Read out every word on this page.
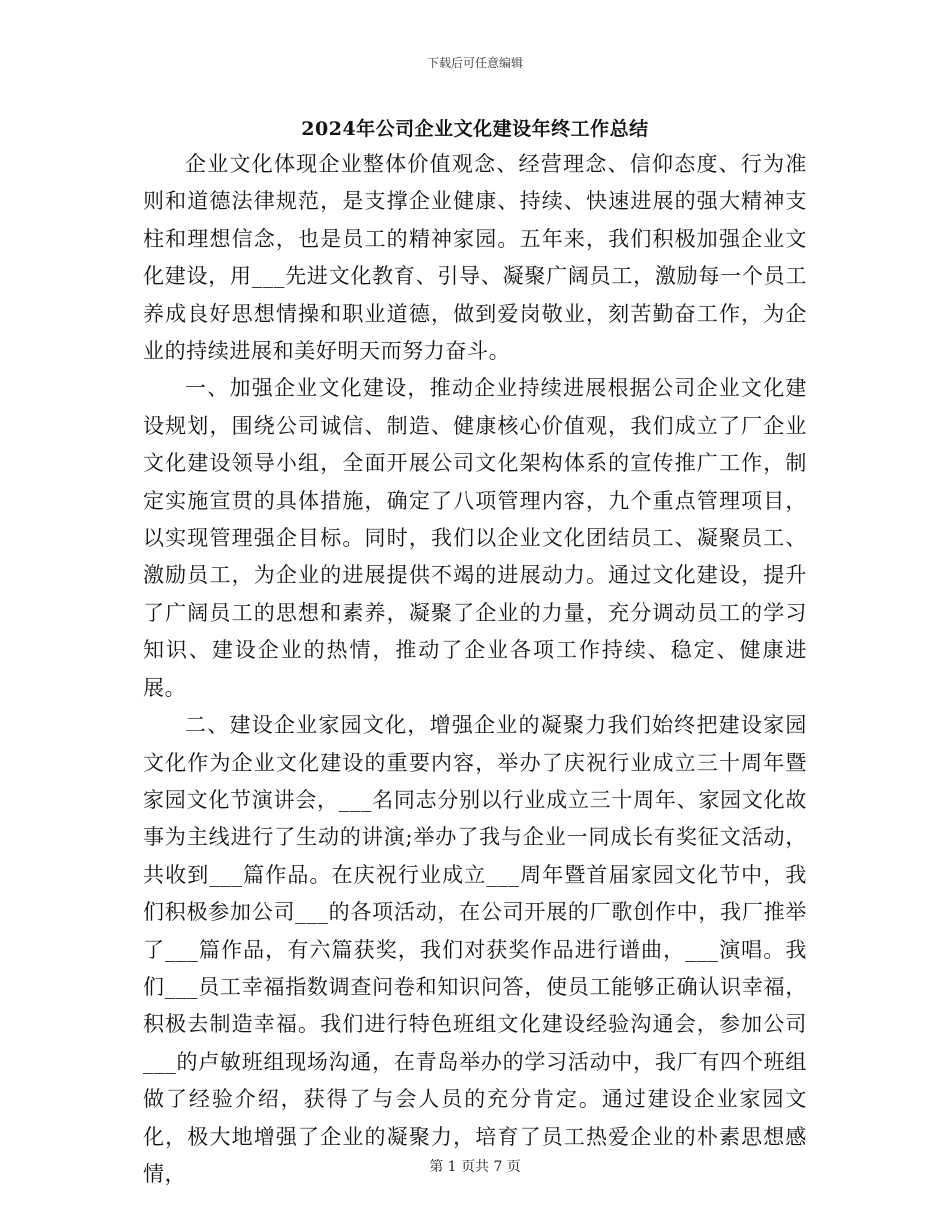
下载后可任意编辑
2024年公司企业文化建设年终工作总结

企业文化体现企业整体价值观念、经营理念、信仰态度、行为准则和道德法律规范，是支撑企业健康、持续、快速进展的强大精神支柱和理想信念，也是员工的精神家园。五年来，我们积极加强企业文化建设，用___先进文化教育、引导、凝聚广阔员工，激励每一个员工养成良好思想情操和职业道德，做到爱岗敬业，刻苦勤奋工作，为企业的持续进展和美好明天而努力奋斗。

一、加强企业文化建设，推动企业持续进展根据公司企业文化建设规划，围绕公司诚信、制造、健康核心价值观，我们成立了厂企业文化建设领导小组，全面开展公司文化架构体系的宣传推广工作，制定实施宣贯的具体措施，确定了八项管理内容，九个重点管理项目，以实现管理强企目标。同时，我们以企业文化团结员工、凝聚员工、激励员工，为企业的进展提供不竭的进展动力。通过文化建设，提升了广阔员工的思想和素养，凝聚了企业的力量，充分调动员工的学习知识、建设企业的热情，推动了企业各项工作持续、稳定、健康进展。

二、建设企业家园文化，增强企业的凝聚力我们始终把建设家园文化作为企业文化建设的重要内容，举办了庆祝行业成立三十周年暨家园文化节演讲会，___名同志分别以行业成立三十周年、家园文化故事为主线进行了生动的讲演;举办了我与企业一同成长有奖征文活动，共收到___篇作品。在庆祝行业成立___周年暨首届家园文化节中，我们积极参加公司___的各项活动，在公司开展的厂歌创作中，我厂推举了___篇作品，有六篇获奖，我们对获奖作品进行谱曲，___演唱。我们___员工幸福指数调查问卷和知识问答，使员工能够正确认识幸福，积极去制造幸福。我们进行特色班组文化建设经验沟通会，参加公司___的卢敏班组现场沟通，在青岛举办的学习活动中，我厂有四个班组做了经验介绍，获得了与会人员的充分肯定。通过建设企业家园文化，极大地增强了企业的凝聚力，培育了员工热爱企业的朴素思想感情，	第 1 页共 7 页
